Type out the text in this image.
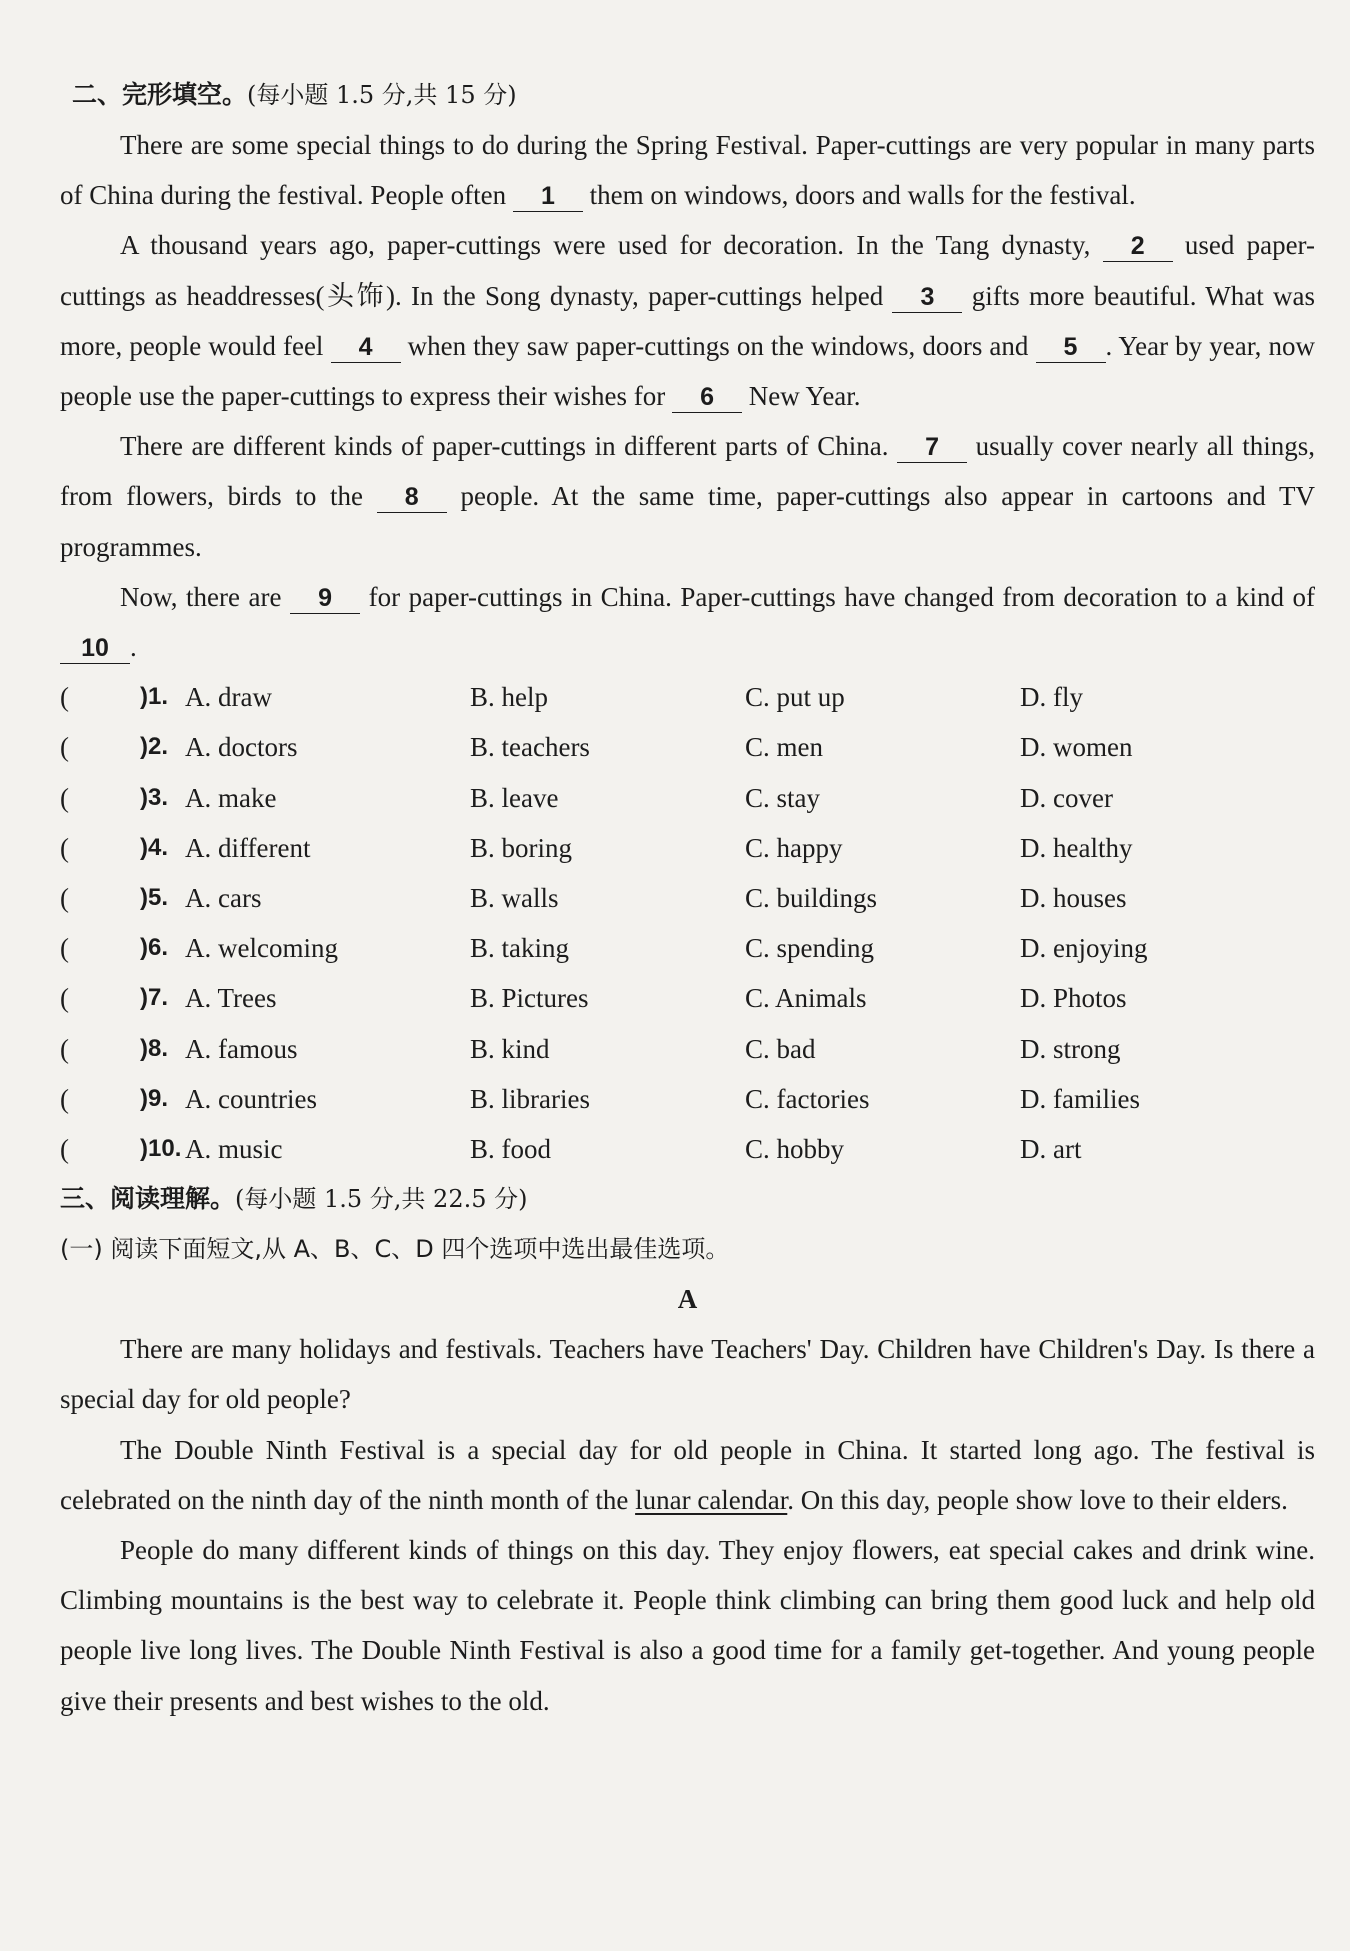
二、完形填空。(每小题 1.5 分,共 15 分)

There are some special things to do during the Spring Festival. Paper-cuttings are very popular in many parts of China during the festival. People often 1 them on windows, doors and walls for the festival.

A thousand years ago, paper-cuttings were used for decoration. In the Tang dynasty, 2 used paper-cuttings as headdresses(头饰). In the Song dynasty, paper-cuttings helped 3 gifts more beautiful. What was more, people would feel 4 when they saw paper-cuttings on the windows, doors and 5 . Year by year, now people use the paper-cuttings to express their wishes for 6 New Year.

There are different kinds of paper-cuttings in different parts of China. 7 usually cover nearly all things, from flowers, birds to the 8 people. At the same time, paper-cuttings also appear in cartoons and TV programmes.

Now, there are 9 for paper-cuttings in China. Paper-cuttings have changed from decoration to a kind of 10 .

(	)1. A. draw	B. help	C. put up	D. fly
(	)2. A. doctors	B. teachers	C. men	D. women
(	)3. A. make	B. leave	C. stay	D. cover
(	)4. A. different	B. boring	C. happy	D. healthy
(	)5. A. cars	B. walls	C. buildings	D. houses
(	)6. A. welcoming	B. taking	C. spending	D. enjoying
(	)7. A. Trees	B. Pictures	C. Animals	D. Photos
(	)8. A. famous	B. kind	C. bad	D. strong
(	)9. A. countries	B. libraries	C. factories	D. families
(	)10. A. music	B. food	C. hobby	D. art
三、阅读理解。(每小题 1.5 分,共 22.5 分)
(一) 阅读下面短文,从 A、B、C、D 四个选项中选出最佳选项。
A

There are many holidays and festivals. Teachers have Teachers' Day. Children have Children's Day. Is there a special day for old people?

The Double Ninth Festival is a special day for old people in China. It started long ago. The festival is celebrated on the ninth day of the ninth month of the lunar calendar. On this day, people show love to their elders.

People do many different kinds of things on this day. They enjoy flowers, eat special cakes and drink wine. Climbing mountains is the best way to celebrate it. People think climbing can bring them good luck and help old people live long lives. The Double Ninth Festival is also a good time for a family get-together. And young people give their presents and best wishes to the old.
